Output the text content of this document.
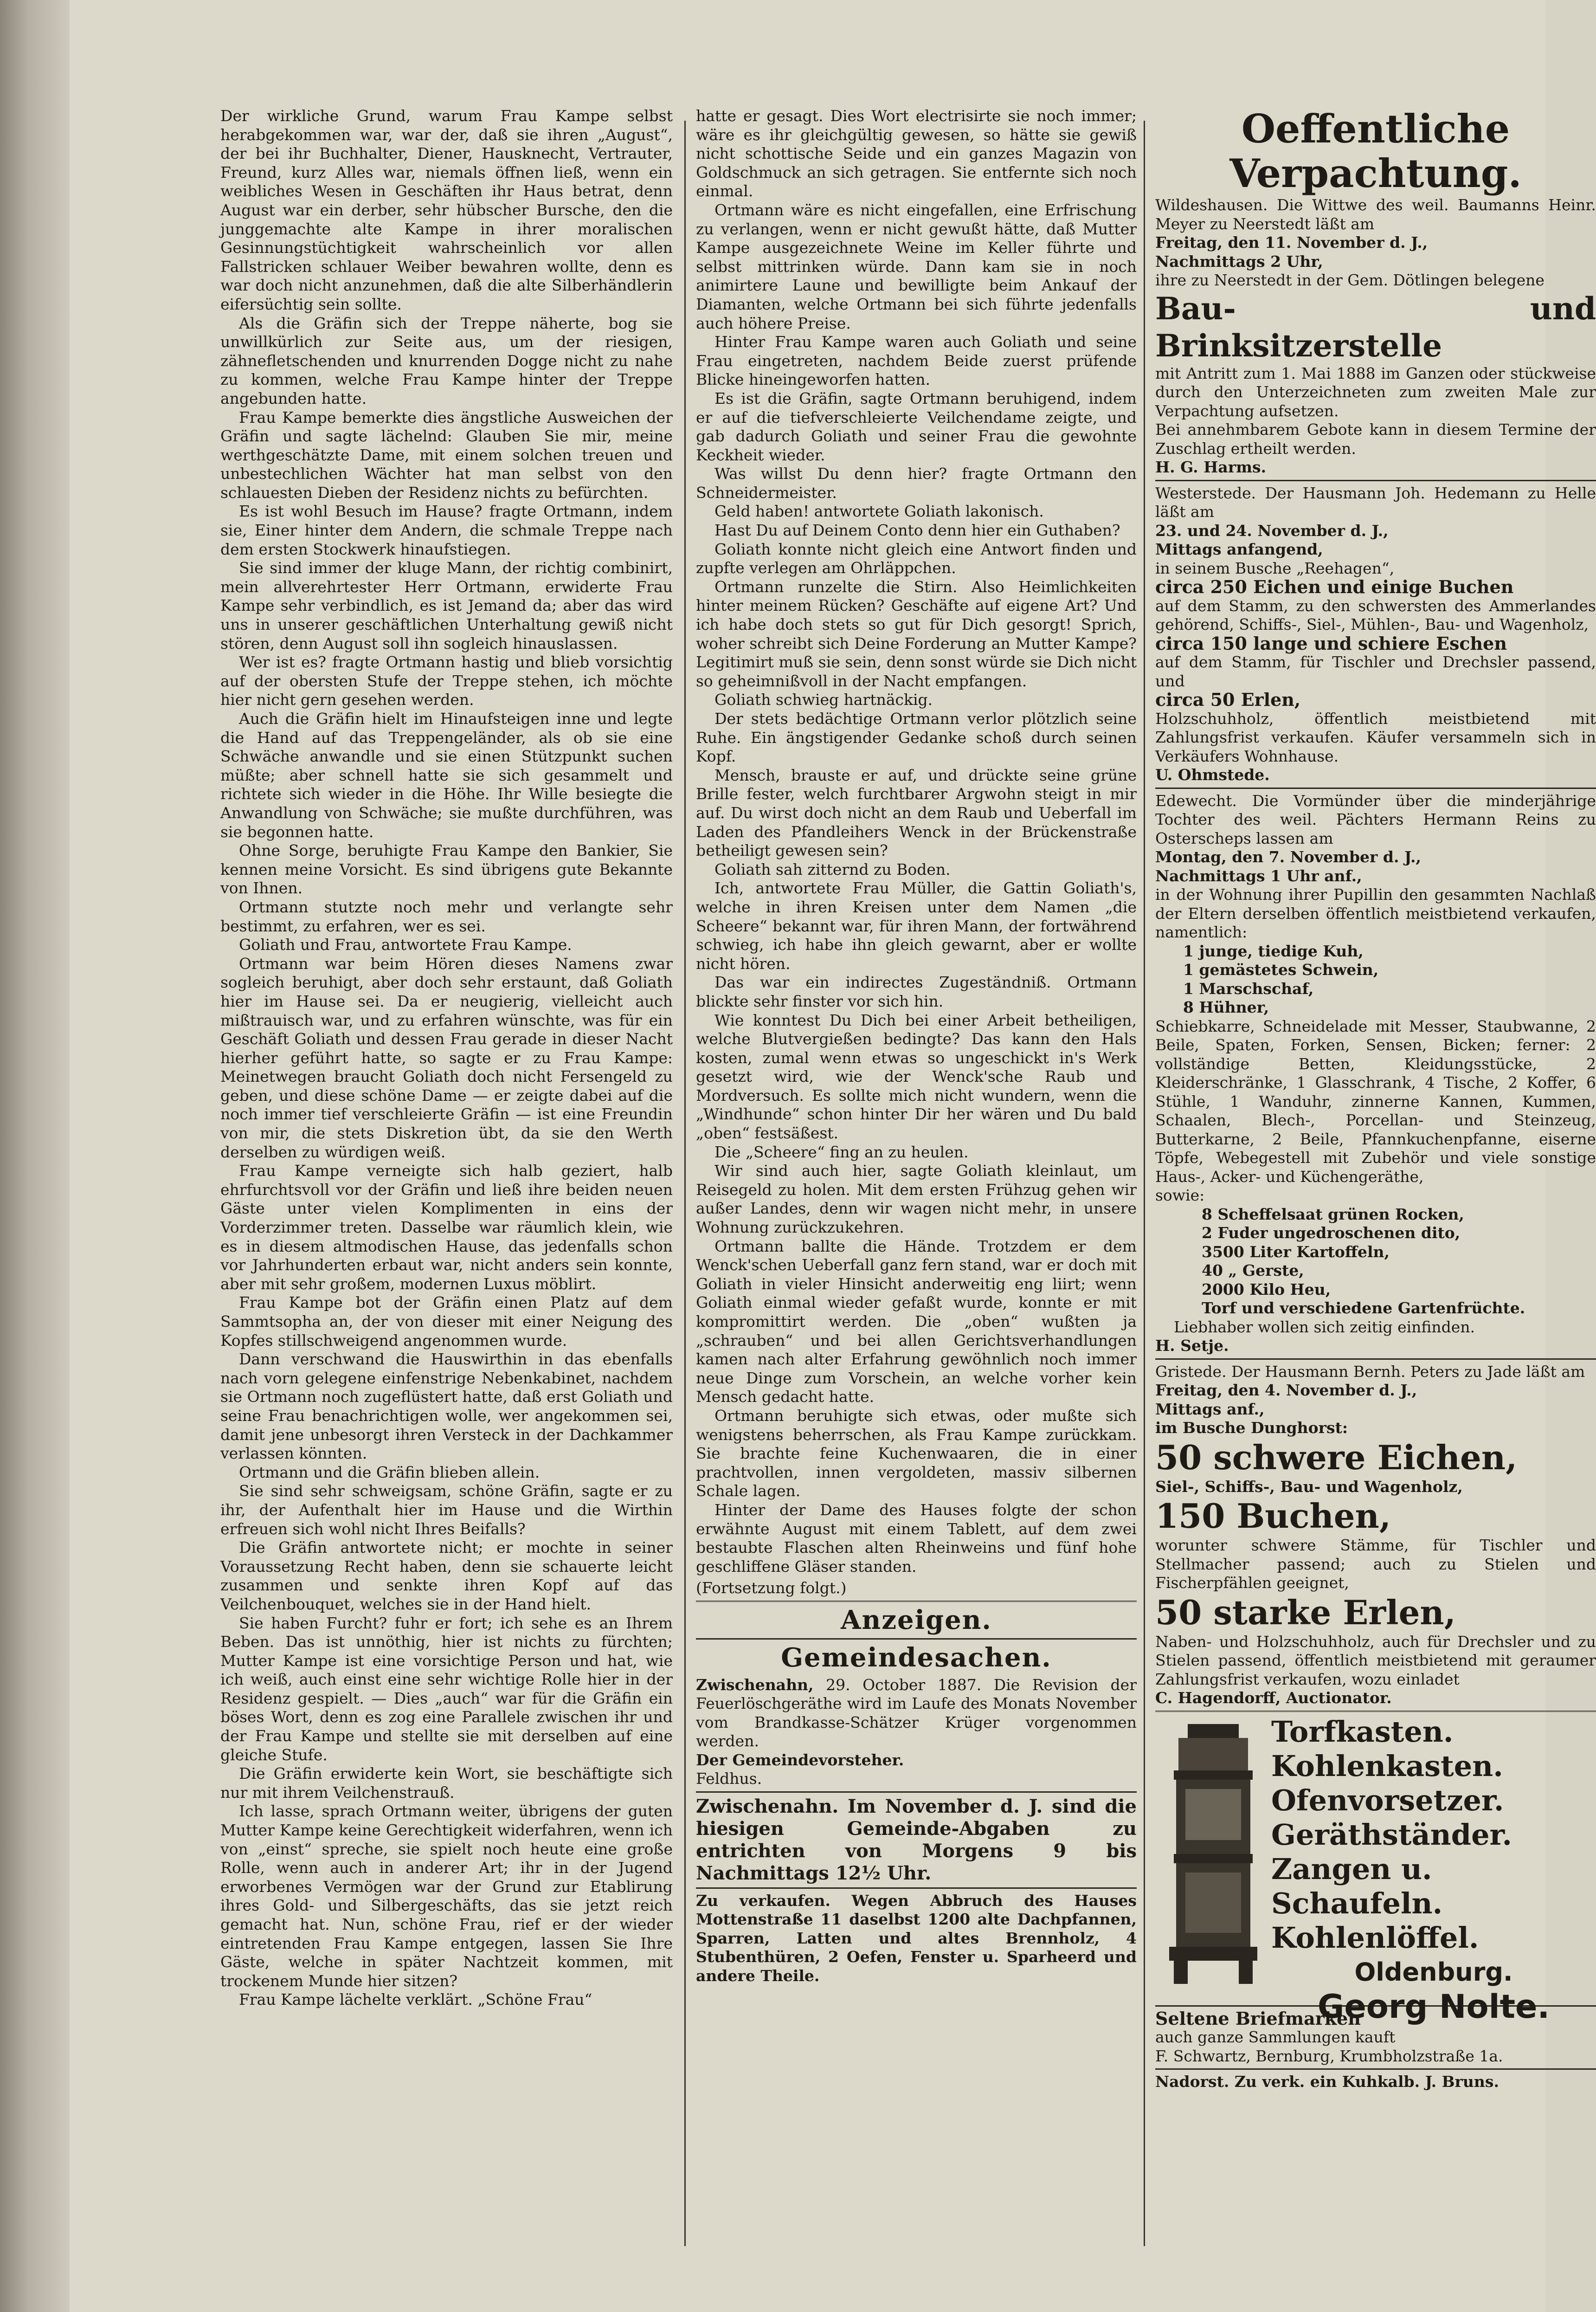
Der wirkliche Grund, warum Frau Kampe selbst herabgekommen war, war der, daß sie ihren „August“, der bei ihr Buchhalter, Diener, Hausknecht, Vertrauter, Freund, kurz Alles war, niemals öffnen ließ, wenn ein weibliches Wesen in Geschäften ihr Haus betrat, denn August war ein derber, sehr hübscher Bursche, den die junggemachte alte Kampe in ihrer moralischen Gesinnungstüchtigkeit wahrscheinlich vor allen Fallstricken schlauer Weiber bewahren wollte, denn es war doch nicht anzunehmen, daß die alte Silberhändlerin eifersüchtig sein sollte.

Als die Gräfin sich der Treppe näherte, bog sie unwillkürlich zur Seite aus, um der riesigen, zähnefletschenden und knurrenden Dogge nicht zu nahe zu kommen, welche Frau Kampe hinter der Treppe angebunden hatte.

Frau Kampe bemerkte dies ängstliche Ausweichen der Gräfin und sagte lächelnd: Glauben Sie mir, meine werthgeschätzte Dame, mit einem solchen treuen und unbestechlichen Wächter hat man selbst von den schlauesten Dieben der Residenz nichts zu befürchten.

Es ist wohl Besuch im Hause? fragte Ortmann, indem sie, Einer hinter dem Andern, die schmale Treppe nach dem ersten Stockwerk hinaufstiegen.

Sie sind immer der kluge Mann, der richtig combinirt, mein allverehrtester Herr Ortmann, erwiderte Frau Kampe sehr verbindlich, es ist Jemand da; aber das wird uns in unserer geschäftlichen Unterhaltung gewiß nicht stören, denn August soll ihn sogleich hinauslassen.

Wer ist es? fragte Ortmann hastig und blieb vorsichtig auf der obersten Stufe der Treppe stehen, ich möchte hier nicht gern gesehen werden.

Auch die Gräfin hielt im Hinaufsteigen inne und legte die Hand auf das Treppengeländer, als ob sie eine Schwäche anwandle und sie einen Stützpunkt suchen müßte; aber schnell hatte sie sich gesammelt und richtete sich wieder in die Höhe. Ihr Wille besiegte die Anwandlung von Schwäche; sie mußte durchführen, was sie begonnen hatte.

Ohne Sorge, beruhigte Frau Kampe den Bankier, Sie kennen meine Vorsicht. Es sind übrigens gute Bekannte von Ihnen.

Ortmann stutzte noch mehr und verlangte sehr bestimmt, zu erfahren, wer es sei.

Goliath und Frau, antwortete Frau Kampe.

Ortmann war beim Hören dieses Namens zwar sogleich beruhigt, aber doch sehr erstaunt, daß Goliath hier im Hause sei. Da er neugierig, vielleicht auch mißtrauisch war, und zu erfahren wünschte, was für ein Geschäft Goliath und dessen Frau gerade in dieser Nacht hierher geführt hatte, so sagte er zu Frau Kampe: Meinetwegen braucht Goliath doch nicht Fersengeld zu geben, und diese schöne Dame — er zeigte dabei auf die noch immer tief verschleierte Gräfin — ist eine Freundin von mir, die stets Diskretion übt, da sie den Werth derselben zu würdigen weiß.

Frau Kampe verneigte sich halb geziert, halb ehrfurchtsvoll vor der Gräfin und ließ ihre beiden neuen Gäste unter vielen Komplimenten in eins der Vorderzimmer treten. Dasselbe war räumlich klein, wie es in diesem altmodischen Hause, das jedenfalls schon vor Jahrhunderten erbaut war, nicht anders sein konnte, aber mit sehr großem, modernen Luxus möblirt.

Frau Kampe bot der Gräfin einen Platz auf dem Sammtsopha an, der von dieser mit einer Neigung des Kopfes stillschweigend angenommen wurde.

Dann verschwand die Hauswirthin in das ebenfalls nach vorn gelegene einfenstrige Nebenkabinet, nachdem sie Ortmann noch zugeflüstert hatte, daß erst Goliath und seine Frau benachrichtigen wolle, wer angekommen sei, damit jene unbesorgt ihren Versteck in der Dachkammer verlassen könnten.

Ortmann und die Gräfin blieben allein.

Sie sind sehr schweigsam, schöne Gräfin, sagte er zu ihr, der Aufenthalt hier im Hause und die Wirthin erfreuen sich wohl nicht Ihres Beifalls?

Die Gräfin antwortete nicht; er mochte in seiner Voraussetzung Recht haben, denn sie schauerte leicht zusammen und senkte ihren Kopf auf das Veilchenbouquet, welches sie in der Hand hielt.

Sie haben Furcht? fuhr er fort; ich sehe es an Ihrem Beben. Das ist unnöthig, hier ist nichts zu fürchten; Mutter Kampe ist eine vorsichtige Person und hat, wie ich weiß, auch einst eine sehr wichtige Rolle hier in der Residenz gespielt. — Dies „auch“ war für die Gräfin ein böses Wort, denn es zog eine Parallele zwischen ihr und der Frau Kampe und stellte sie mit derselben auf eine gleiche Stufe.

Die Gräfin erwiderte kein Wort, sie beschäftigte sich nur mit ihrem Veilchenstrauß.

Ich lasse, sprach Ortmann weiter, übrigens der guten Mutter Kampe keine Gerechtigkeit widerfahren, wenn ich von „einst“ spreche, sie spielt noch heute eine große Rolle, wenn auch in anderer Art; ihr in der Jugend erworbenes Vermögen war der Grund zur Etablirung ihres Gold- und Silbergeschäfts, das sie jetzt reich gemacht hat. Nun, schöne Frau, rief er der wieder eintretenden Frau Kampe entgegen, lassen Sie Ihre Gäste, welche in später Nachtzeit kommen, mit trockenem Munde hier sitzen?

Frau Kampe lächelte verklärt. „Schöne Frau“

hatte er gesagt. Dies Wort electrisirte sie noch immer; wäre es ihr gleichgültig gewesen, so hätte sie gewiß nicht schottische Seide und ein ganzes Magazin von Goldschmuck an sich getragen. Sie entfernte sich noch einmal.

Ortmann wäre es nicht eingefallen, eine Erfrischung zu verlangen, wenn er nicht gewußt hätte, daß Mutter Kampe ausgezeichnete Weine im Keller führte und selbst mittrinken würde. Dann kam sie in noch animirtere Laune und bewilligte beim Ankauf der Diamanten, welche Ortmann bei sich führte jedenfalls auch höhere Preise.

Hinter Frau Kampe waren auch Goliath und seine Frau eingetreten, nachdem Beide zuerst prüfende Blicke hineingeworfen hatten.

Es ist die Gräfin, sagte Ortmann beruhigend, indem er auf die tiefverschleierte Veilchendame zeigte, und gab dadurch Goliath und seiner Frau die gewohnte Keckheit wieder.

Was willst Du denn hier? fragte Ortmann den Schneidermeister.

Geld haben! antwortete Goliath lakonisch.

Hast Du auf Deinem Conto denn hier ein Guthaben?

Goliath konnte nicht gleich eine Antwort finden und zupfte verlegen am Ohrläppchen.

Ortmann runzelte die Stirn. Also Heimlichkeiten hinter meinem Rücken? Geschäfte auf eigene Art? Und ich habe doch stets so gut für Dich gesorgt! Sprich, woher schreibt sich Deine Forderung an Mutter Kampe? Legitimirt muß sie sein, denn sonst würde sie Dich nicht so geheimnißvoll in der Nacht empfangen.

Goliath schwieg hartnäckig.

Der stets bedächtige Ortmann verlor plötzlich seine Ruhe. Ein ängstigender Gedanke schoß durch seinen Kopf.

Mensch, brauste er auf, und drückte seine grüne Brille fester, welch furchtbarer Argwohn steigt in mir auf. Du wirst doch nicht an dem Raub und Ueberfall im Laden des Pfandleihers Wenck in der Brückenstraße betheiligt gewesen sein?

Goliath sah zitternd zu Boden.

Ich, antwortete Frau Müller, die Gattin Goliath's, welche in ihren Kreisen unter dem Namen „die Scheere“ bekannt war, für ihren Mann, der fortwährend schwieg, ich habe ihn gleich gewarnt, aber er wollte nicht hören.

Das war ein indirectes Zugeständniß. Ortmann blickte sehr finster vor sich hin.

Wie konntest Du Dich bei einer Arbeit betheiligen, welche Blutvergießen bedingte? Das kann den Hals kosten, zumal wenn etwas so ungeschickt in's Werk gesetzt wird, wie der Wenck'sche Raub und Mordversuch. Es sollte mich nicht wundern, wenn die „Windhunde“ schon hinter Dir her wären und Du bald „oben“ festsäßest.

Die „Scheere“ fing an zu heulen.

Wir sind auch hier, sagte Goliath kleinlaut, um Reisegeld zu holen. Mit dem ersten Frühzug gehen wir außer Landes, denn wir wagen nicht mehr, in unsere Wohnung zurückzukehren.

Ortmann ballte die Hände. Trotzdem er dem Wenck'schen Ueberfall ganz fern stand, war er doch mit Goliath in vieler Hinsicht anderweitig eng liirt; wenn Goliath einmal wieder gefaßt wurde, konnte er mit kompromittirt werden. Die „oben“ wußten ja „schrauben“ und bei allen Gerichtsverhandlungen kamen nach alter Erfahrung gewöhnlich noch immer neue Dinge zum Vorschein, an welche vorher kein Mensch gedacht hatte.

Ortmann beruhigte sich etwas, oder mußte sich wenigstens beherrschen, als Frau Kampe zurückkam. Sie brachte feine Kuchenwaaren, die in einer prachtvollen, innen vergoldeten, massiv silbernen Schale lagen.

Hinter der Dame des Hauses folgte der schon erwähnte August mit einem Tablett, auf dem zwei bestaubte Flaschen alten Rheinweins und fünf hohe geschliffene Gläser standen.

(Fortsetzung folgt.)

Anzeigen.
Gemeindesachen.

Zwischenahn, 29. October 1887. Die Revision der Feuerlöschgeräthe wird im Laufe des Monats November vom Brandkasse-Schätzer Krüger vorgenommen werden.

Der Gemeindevorsteher.

Feldhus.

Zwischenahn. Im November d. J. sind die hiesigen Gemeinde-Abgaben zu entrichten von Morgens 9 bis Nachmittags 12½ Uhr.

Zu verkaufen. Wegen Abbruch des Hauses Mottenstraße 11 daselbst 1200 alte Dachpfannen, Sparren, Latten und altes Brennholz, 4 Stubenthüren, 2 Oefen, Fenster u. Sparheerd und andere Theile.

Oeffentliche Verpachtung.

Wildeshausen. Die Wittwe des weil. Baumanns Heinr. Meyer zu Neerstedt läßt am

Freitag, den 11. November d. J.,

Nachmittags 2 Uhr,

ihre zu Neerstedt in der Gem. Dötlingen belegene

Bau- und Brinksitzerstelle

mit Antritt zum 1. Mai 1888 im Ganzen oder stückweise durch den Unterzeichneten zum zweiten Male zur Verpachtung aufsetzen.

Bei annehmbarem Gebote kann in diesem Termine der Zuschlag ertheilt werden.

H. G. Harms.

Westerstede. Der Hausmann Joh. Hedemann zu Helle läßt am

23. und 24. November d. J.,

Mittags anfangend,

in seinem Busche „Reehagen“,

circa 250 Eichen und einige Buchen

auf dem Stamm, zu den schwersten des Ammerlandes gehörend, Schiffs-, Siel-, Mühlen-, Bau- und Wagenholz,

circa 150 lange und schiere Eschen

auf dem Stamm, für Tischler und Drechsler passend, und

circa 50 Erlen,

Holzschuhholz, öffentlich meistbietend mit Zahlungsfrist verkaufen. Käufer versammeln sich in Verkäufers Wohnhause.

U. Ohmstede.

Edewecht. Die Vormünder über die minderjährige Tochter des weil. Pächters Hermann Reins zu Osterscheps lassen am

Montag, den 7. November d. J.,

Nachmittags 1 Uhr anf.,

in der Wohnung ihrer Pupillin den gesammten Nachlaß der Eltern derselben öffentlich meistbietend verkaufen, namentlich:

1 junge, tiedige Kuh,

1 gemästetes Schwein,

1 Marschschaf,

8 Hühner,

Schiebkarre, Schneidelade mit Messer, Staubwanne, 2 Beile, Spaten, Forken, Sensen, Bicken; ferner: 2 vollständige Betten, Kleidungsstücke, 2 Kleiderschränke, 1 Glasschrank, 4 Tische, 2 Koffer, 6 Stühle, 1 Wanduhr, zinnerne Kannen, Kummen, Schaalen, Blech-, Porcellan- und Steinzeug, Butterkarne, 2 Beile, Pfannkuchenpfanne, eiserne Töpfe, Webegestell mit Zubehör und viele sonstige Haus-, Acker- und Küchengeräthe,

sowie:

8 Scheffelsaat grünen Rocken,

2 Fuder ungedroschenen dito,

3500 Liter Kartoffeln,

40 „ Gerste,

2000 Kilo Heu,

Torf und verschiedene Gartenfrüchte.

Liebhaber wollen sich zeitig einfinden.

H. Setje.

Gristede. Der Hausmann Bernh. Peters zu Jade läßt am

Freitag, den 4. November d. J.,

Mittags anf.,

im Busche Dunghorst:

50 schwere Eichen,

Siel-, Schiffs-, Bau- und Wagenholz,

150 Buchen,

worunter schwere Stämme, für Tischler und Stellmacher passend; auch zu Stielen und Fischerpfählen geeignet,

50 starke Erlen,

Naben- und Holzschuhholz, auch für Drechsler und zu Stielen passend, öffentlich meistbietend mit geraumer Zahlungsfrist verkaufen, wozu einladet

C. Hagendorff, Auctionator.

Torfkasten.
Kohlenkasten.
Ofenvorsetzer.
Geräthständer.
Zangen u. Schaufeln.
Kohlenlöffel.
Oldenburg.
Georg Nolte.

Seltene Briefmarken

auch ganze Sammlungen kauft

F. Schwartz, Bernburg, Krumbholzstraße 1a.

Nadorst. Zu verk. ein Kuhkalb. J. Bruns.
